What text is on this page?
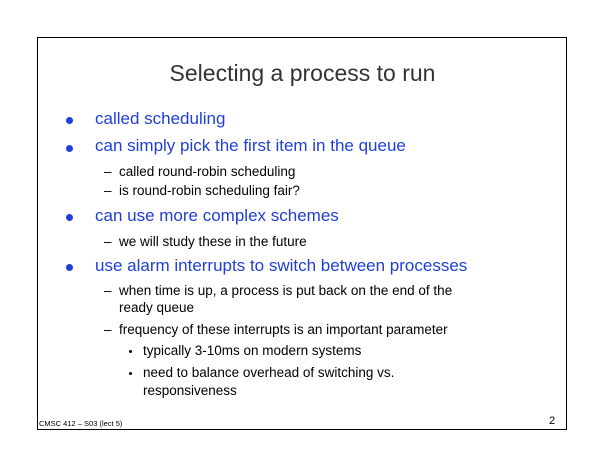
Selecting a process to run
called scheduling
can simply pick the first item in the queue
– called round-robin scheduling
– is round-robin scheduling fair?
can use more complex schemes
– we will study these in the future
use alarm interrupts to switch between processes
– when time is up, a process is put back on the end of the
ready queue
– frequency of these interrupts is an important parameter
typically 3-10ms on modern systems
need to balance overhead of switching vs.
responsiveness
CMSC 412 – S03 (lect 5)	2
